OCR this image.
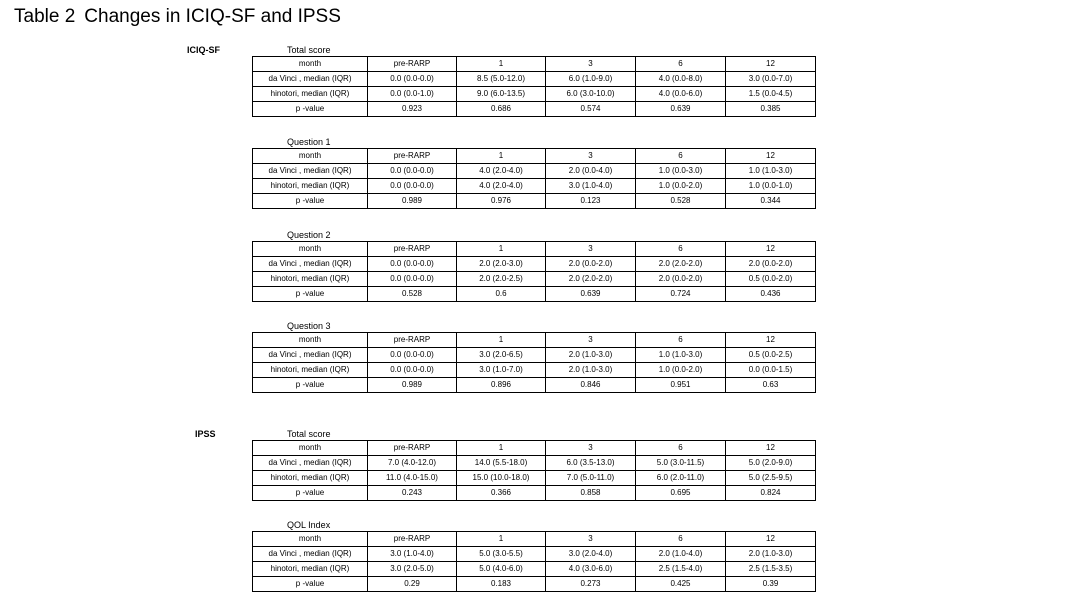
Table 2 Changes in ICIQ-SF and IPSS
ICIQ-SF
IPSS
Total score
month	pre-RARP	1	3	6	12
da Vinci , median (IQR)	0.0 (0.0-0.0)	8.5 (5.0-12.0)	6.0 (1.0-9.0)	4.0 (0.0-8.0)	3.0 (0.0-7.0)
hinotori, median (IQR)	0.0 (0.0-1.0)	9.0 (6.0-13.5)	6.0 (3.0-10.0)	4.0 (0.0-6.0)	1.5 (0.0-4.5)
p -value	0.923	0.686	0.574	0.639	0.385
Question 1
month	pre-RARP	1	3	6	12
da Vinci , median (IQR)	0.0 (0.0-0.0)	4.0 (2.0-4.0)	2.0 (0.0-4.0)	1.0 (0.0-3.0)	1.0 (1.0-3.0)
hinotori, median (IQR)	0.0 (0.0-0.0)	4.0 (2.0-4.0)	3.0 (1.0-4.0)	1.0 (0.0-2.0)	1.0 (0.0-1.0)
p -value	0.989	0.976	0.123	0.528	0.344
Question 2
month	pre-RARP	1	3	6	12
da Vinci , median (IQR)	0.0 (0.0-0.0)	2.0 (2.0-3.0)	2.0 (0.0-2.0)	2.0 (2.0-2.0)	2.0 (0.0-2.0)
hinotori, median (IQR)	0.0 (0.0-0.0)	2.0 (2.0-2.5)	2.0 (2.0-2.0)	2.0 (0.0-2.0)	0.5 (0.0-2.0)
p -value	0.528	0.6	0.639	0.724	0.436
Question 3
month	pre-RARP	1	3	6	12
da Vinci , median (IQR)	0.0 (0.0-0.0)	3.0 (2.0-6.5)	2.0 (1.0-3.0)	1.0 (1.0-3.0)	0.5 (0.0-2.5)
hinotori, median (IQR)	0.0 (0.0-0.0)	3.0 (1.0-7.0)	2.0 (1.0-3.0)	1.0 (0.0-2.0)	0.0 (0.0-1.5)
p -value	0.989	0.896	0.846	0.951	0.63
Total score
month	pre-RARP	1	3	6	12
da Vinci , median (IQR)	7.0 (4.0-12.0)	14.0 (5.5-18.0)	6.0 (3.5-13.0)	5.0 (3.0-11.5)	5.0 (2.0-9.0)
hinotori, median (IQR)	11.0 (4.0-15.0)	15.0 (10.0-18.0)	7.0 (5.0-11.0)	6.0 (2.0-11.0)	5.0 (2.5-9.5)
p -value	0.243	0.366	0.858	0.695	0.824
QOL Index
month	pre-RARP	1	3	6	12
da Vinci , median (IQR)	3.0 (1.0-4.0)	5.0 (3.0-5.5)	3.0 (2.0-4.0)	2.0 (1.0-4.0)	2.0 (1.0-3.0)
hinotori, median (IQR)	3.0 (2.0-5.0)	5.0 (4.0-6.0)	4.0 (3.0-6.0)	2.5 (1.5-4.0)	2.5 (1.5-3.5)
p -value	0.29	0.183	0.273	0.425	0.39
